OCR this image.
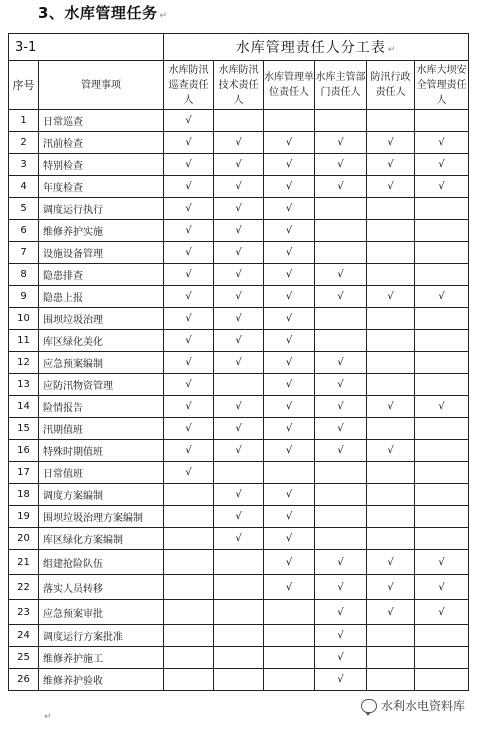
3、水库管理任务 ↵
3-1		水库管理责任人分工表 ↵					
序号	管理事项	水库防汛巡查责任人	水库防汛技术责任人	水库管理单位责任人	水库主管部门责任人	防汛行政责任人	水库大坝安全管理责任人
1	日常巡查	√					
2	汛前检查	√	√	√	√	√	√
3	特别检查	√	√	√	√	√	√
4	年度检查	√	√	√	√	√	√
5	调度运行执行	√	√	√			
6	维修养护实施	√	√	√			
7	设施设备管理	√	√	√			
8	隐患排查	√	√	√	√		
9	隐患上报	√	√	√	√	√	√
10	围坝垃圾治理	√	√	√			
11	库区绿化美化	√	√	√			
12	应急预案编制	√	√	√	√		
13	应防汛物资管理	√		√	√		
14	险情报告	√	√	√	√	√	√
15	汛期值班	√	√	√	√		
16	特殊时期值班	√	√	√	√	√	
17	日常值班	√					
18	调度方案编制		√	√			
19	围坝垃圾治理方案编制		√	√			
20	库区绿化方案编制		√	√			
21	组建抢险队伍			√	√	√	√
22	落实人员转移			√	√	√	√
23	应急预案审批				√	√	√
24	调度运行方案批准				√		
25	维修养护施工				√		
26	维修养护验收				√		
↵
水利水电资料库
